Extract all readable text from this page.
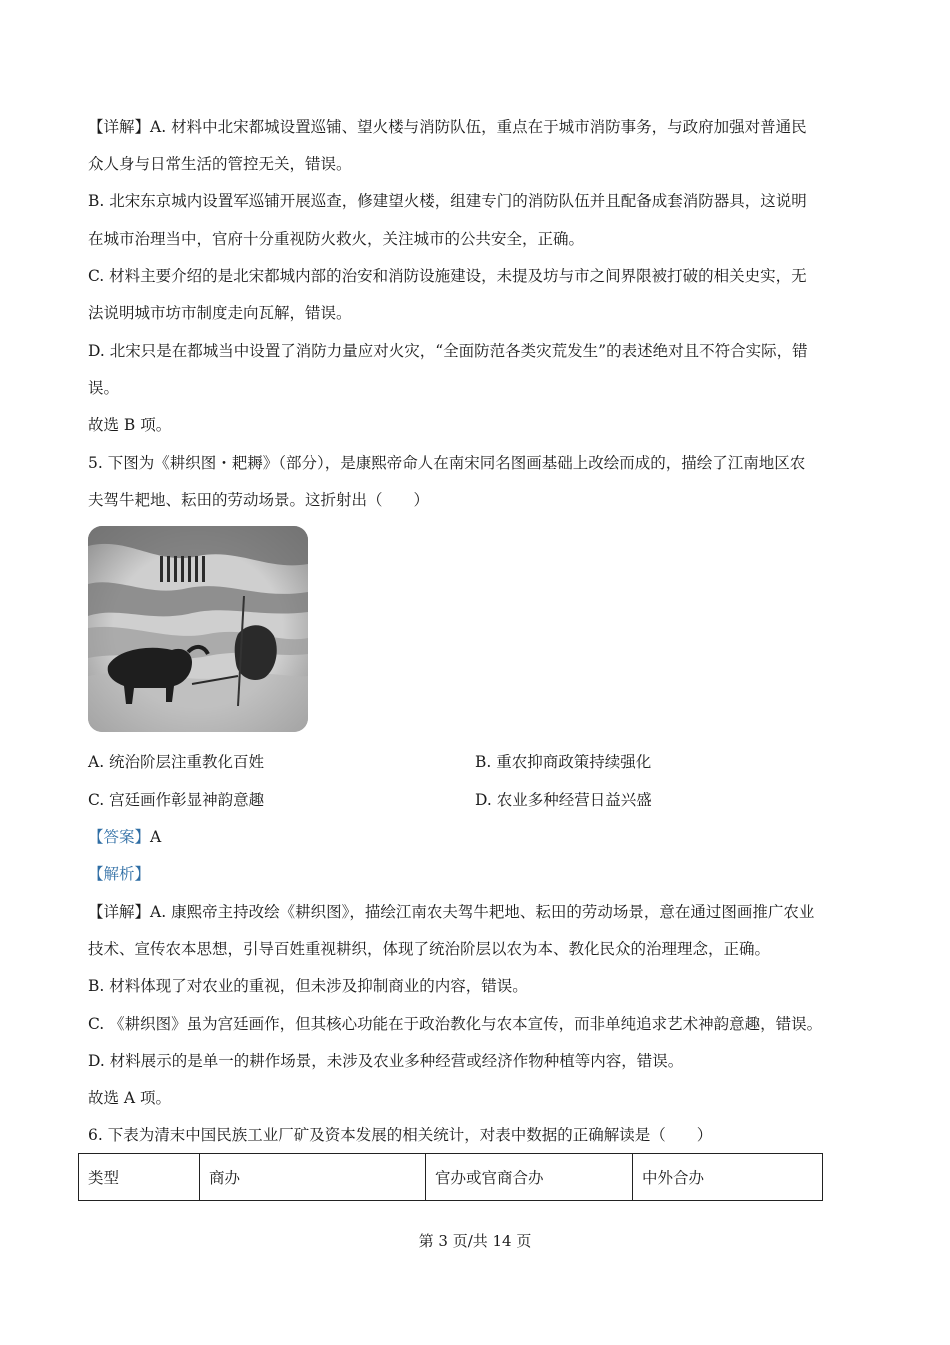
【详解】A. 材料中北宋都城设置巡铺、望火楼与消防队伍，重点在于城市消防事务，与政府加强对普通民
众人身与日常生活的管控无关，错误。
B. 北宋东京城内设置军巡铺开展巡查，修建望火楼，组建专门的消防队伍并且配备成套消防器具，这说明
在城市治理当中，官府十分重视防火救火，关注城市的公共安全，正确。
C. 材料主要介绍的是北宋都城内部的治安和消防设施建设，未提及坊与市之间界限被打破的相关史实，无
法说明城市坊市制度走向瓦解，错误。
D. 北宋只是在都城当中设置了消防力量应对火灾，“全面防范各类灾荒发生”的表述绝对且不符合实际，错
误。
故选 B 项。
5. 下图为《耕织图・耙耨》（部分），是康熙帝命人在南宋同名图画基础上改绘而成的，描绘了江南地区农
夫驾牛耙地、耘田的劳动场景。这折射出（　　）
A. 统治阶层注重教化百姓	B. 重农抑商政策持续强化
C. 宫廷画作彰显神韵意趣	D. 农业多种经营日益兴盛
【答案】A
【解析】
【详解】A. 康熙帝主持改绘《耕织图》，描绘江南农夫驾牛耙地、耘田的劳动场景，意在通过图画推广农业
技术、宣传农本思想，引导百姓重视耕织，体现了统治阶层以农为本、教化民众的治理理念，正确。
B. 材料体现了对农业的重视，但未涉及抑制商业的内容，错误。
C. 《耕织图》虽为宫廷画作，但其核心功能在于政治教化与农本宣传，而非单纯追求艺术神韵意趣，错误。
D. 材料展示的是单一的耕作场景，未涉及农业多种经营或经济作物种植等内容，错误。
故选 A 项。
6. 下表为清末中国民族工业厂矿及资本发展的相关统计，对表中数据的正确解读是（　　）
类型	商办	官办或官商合办	中外合办
第 3 页/共 14 页
